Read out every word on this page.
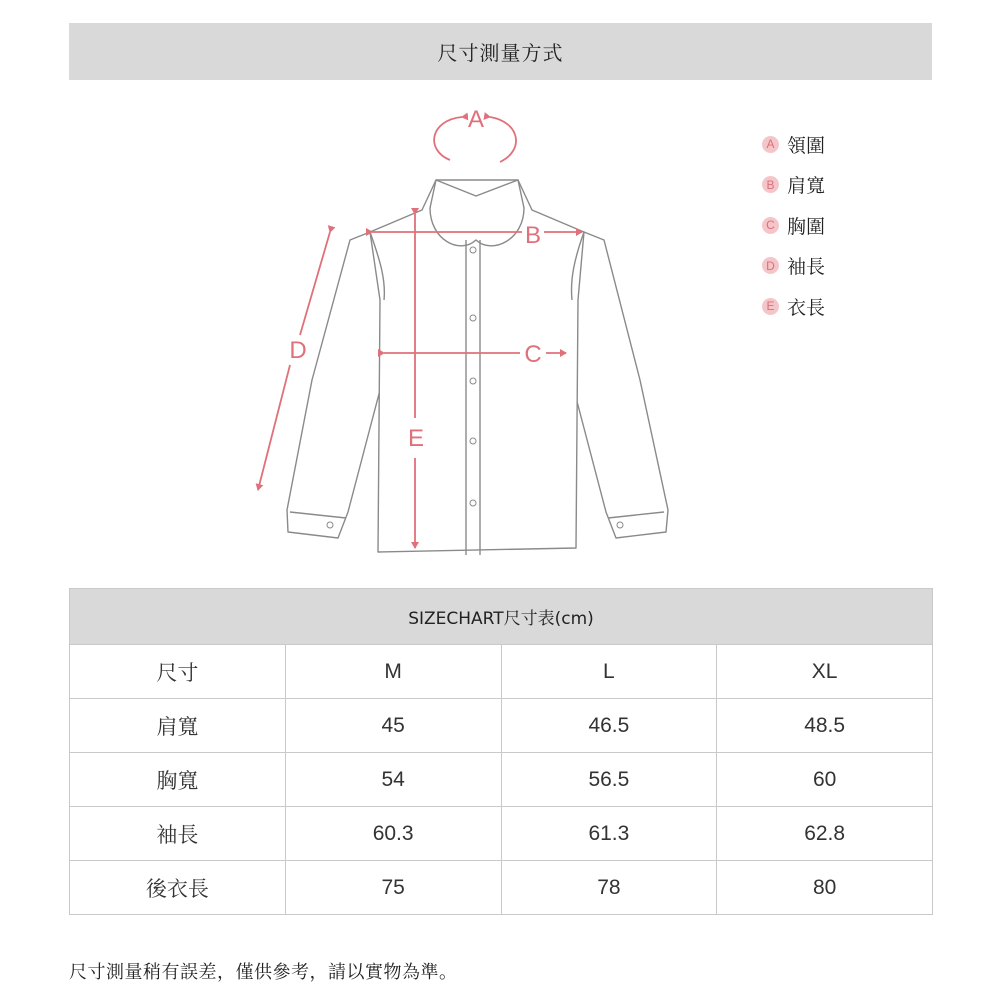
尺寸測量方式
A
B
C
D
E
A 領圍
B 肩寬
C 胸圍
D 袖長
E 衣長
SIZECHART尺寸表(cm)			
尺寸	M	L	XL
肩寬	45	46.5	48.5
胸寬	54	56.5	60
袖長	60.3	61.3	62.8
後衣長	75	78	80
尺寸測量稍有誤差，僅供參考，請以實物為準。
